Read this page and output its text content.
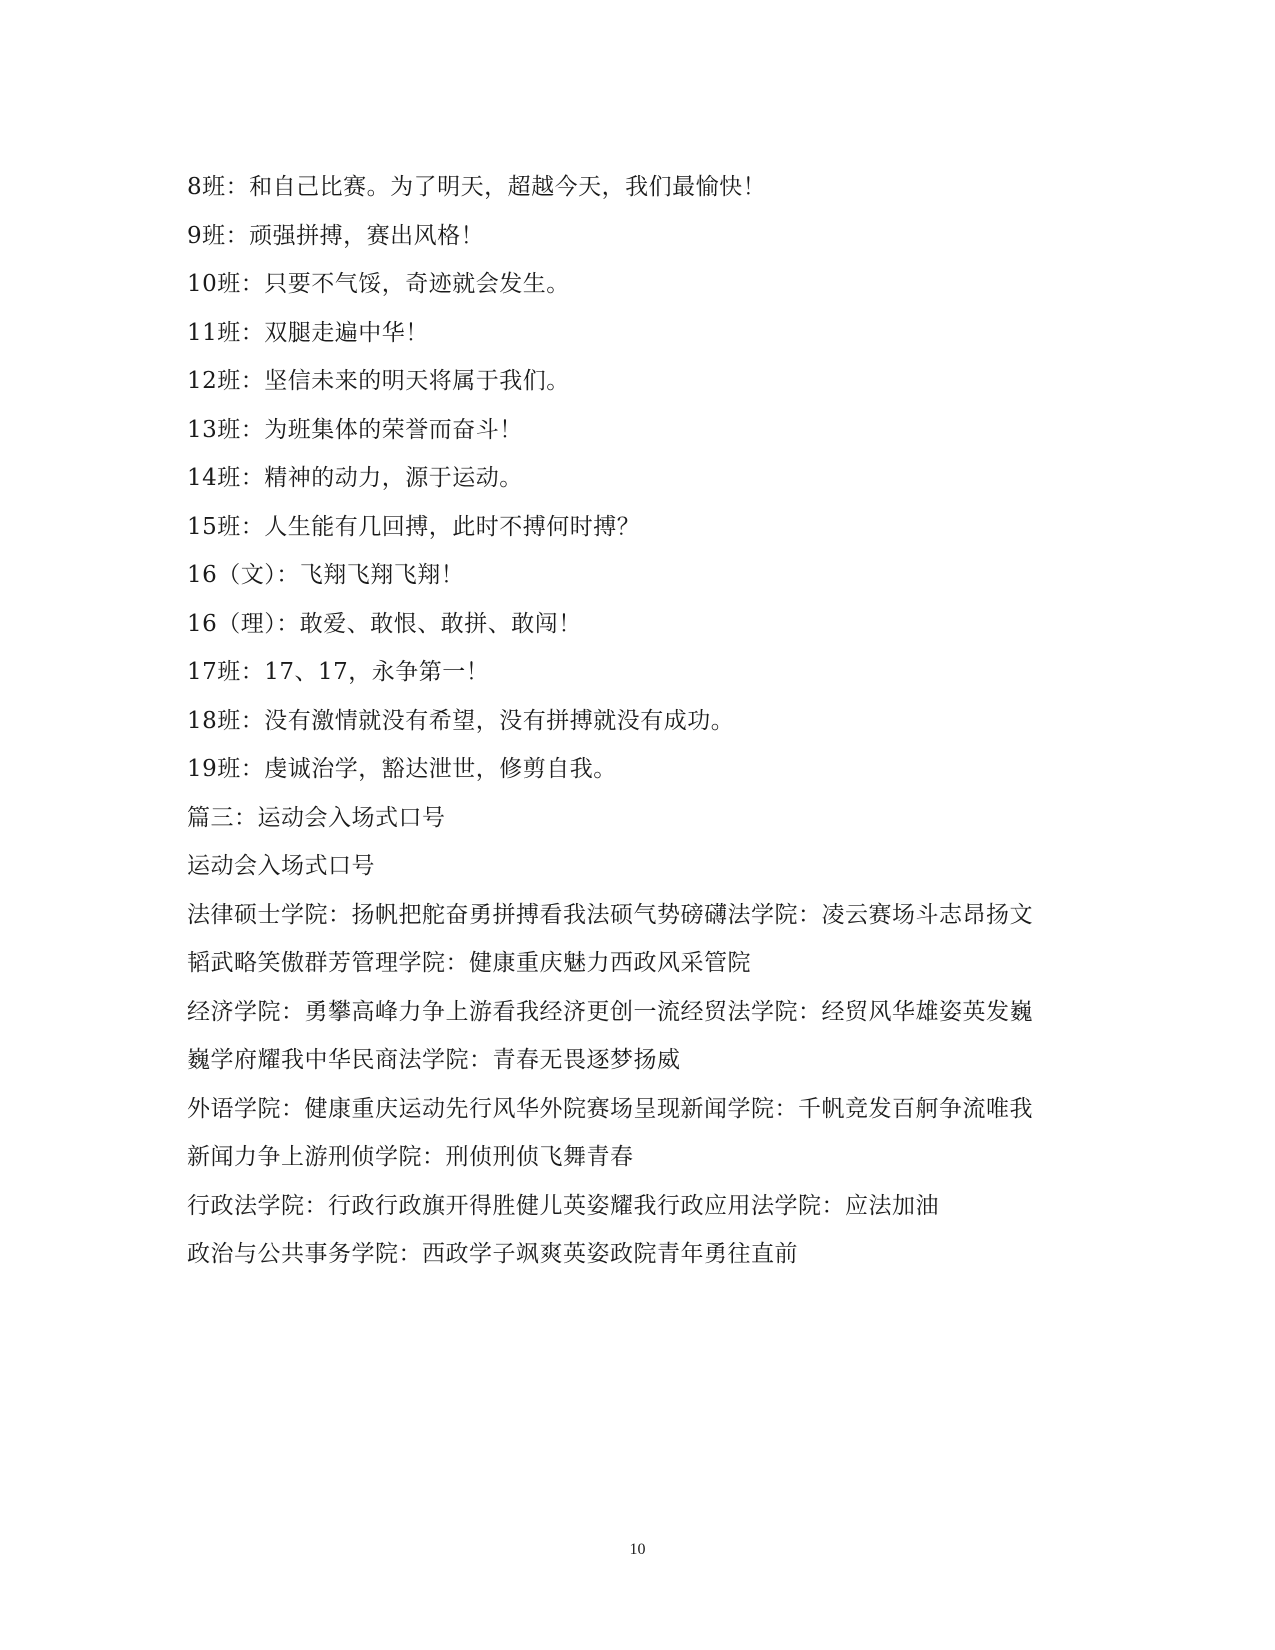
8班：和自己比赛。为了明天，超越今天，我们最愉快！
9班：顽强拼搏，赛出风格！
10班：只要不气馁，奇迹就会发生。
11班：双腿走遍中华！
12班：坚信未来的明天将属于我们。
13班：为班集体的荣誉而奋斗！
14班：精神的动力，源于运动。
15班：人生能有几回搏，此时不搏何时搏？
16（文）：飞翔飞翔飞翔！
16（理）：敢爱、敢恨、敢拼、敢闯！
17班：17、17，永争第一！
18班：没有激情就没有希望，没有拼搏就没有成功。
19班：虔诚治学，豁达泄世，修剪自我。
篇三：运动会入场式口号
运动会入场式口号
法律硕士学院：扬帆把舵奋勇拼搏看我法硕气势磅礴法学院：凌云赛场斗志昂扬文
韬武略笑傲群芳管理学院：健康重庆魅力西政风采管院
经济学院：勇攀高峰力争上游看我经济更创一流经贸法学院：经贸风华雄姿英发巍
巍学府耀我中华民商法学院：青春无畏逐梦扬威
外语学院：健康重庆运动先行风华外院赛场呈现新闻学院：千帆竞发百舸争流唯我
新闻力争上游刑侦学院：刑侦刑侦飞舞青春
行政法学院：行政行政旗开得胜健儿英姿耀我行政应用法学院：应法加油
政治与公共事务学院：西政学子飒爽英姿政院青年勇往直前
10
